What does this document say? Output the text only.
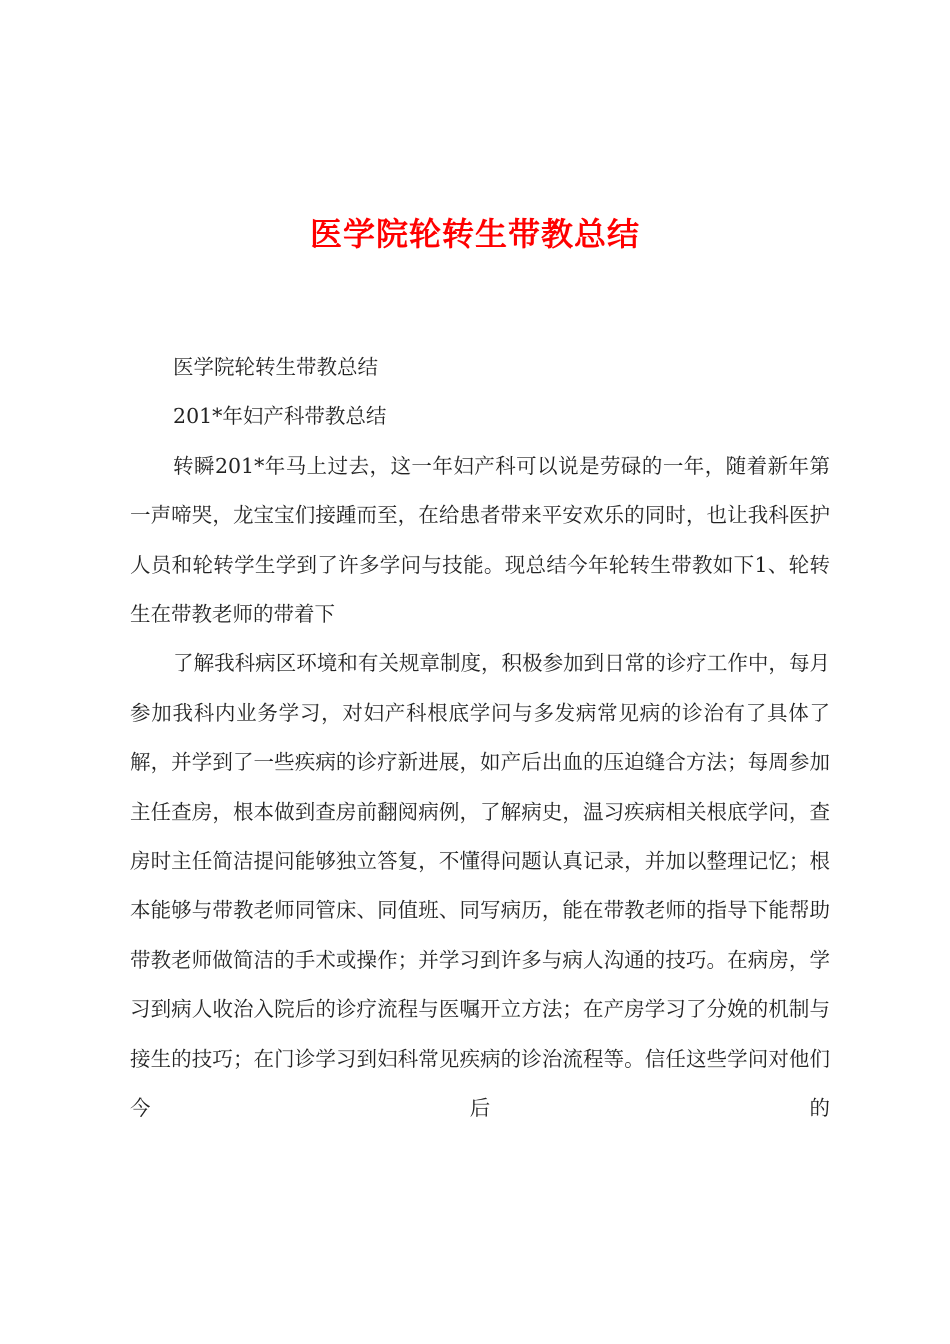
医学院轮转生带教总结

医学院轮转生带教总结

201*年妇产科带教总结

转瞬201*年马上过去，这一年妇产科可以说是劳碌的一年，随着新年第一声啼哭，龙宝宝们接踵而至，在给患者带来平安欢乐的同时，也让我科医护人员和轮转学生学到了许多学问与技能。现总结今年轮转生带教如下1、轮转生在带教老师的带着下

了解我科病区环境和有关规章制度，积极参加到日常的诊疗工作中，每月参加我科内业务学习，对妇产科根底学问与多发病常见病的诊治有了具体了解，并学到了一些疾病的诊疗新进展，如产后出血的压迫缝合方法；每周参加主任查房，根本做到查房前翻阅病例，了解病史，温习疾病相关根底学问，查房时主任简洁提问能够独立答复，不懂得问题认真记录，并加以整理记忆；根本能够与带教老师同管床、同值班、同写病历，能在带教老师的指导下能帮助带教老师做简洁的手术或操作；并学习到许多与病人沟通的技巧。在病房，学习到病人收治入院后的诊疗流程与医嘱开立方法；在产房学习了分娩的机制与接生的技巧；在门诊学习到妇科常见疾病的诊治流程等。信任这些学问对他们今后的
